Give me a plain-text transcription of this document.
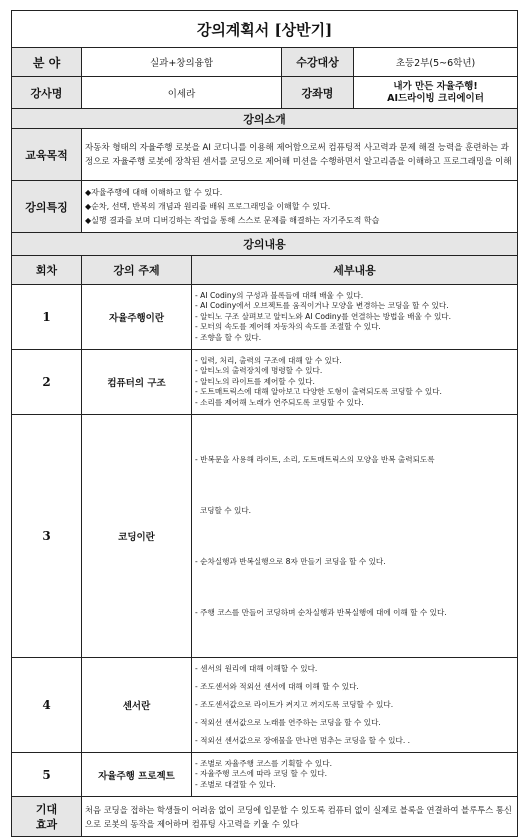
강의계획서 [상반기]				
분 야	실과+창의융합		수강대상	초등2부(5~6학년)
강사명	이세라		강좌명	내가 만든 자율주행!
AI드라이빙 크리에이터

강의소개				
교육목적	자동차 형태의 자율주행 로봇을 AI 코디니를 이용해 제어함으로써 컴퓨팅적 사고력과 문제 해결 능력을 훈련하는 과정으로 자율주행 로봇에 장착된 센서를 코딩으로 제어해 미션을 수행하면서 알고리즘을 이해하고 프로그래밍을 이해			
강의특징	◆자율주행에 대해 이해하고 할 수 있다.
◆순차, 선택, 반복의 개념과 원리를 배워 프로그래밍을 이해할 수 있다.
◆실행 결과를 보며 디버깅하는 작업을 통해 스스로 문제를 해결하는 자기주도적 학습			

강의내용				
회차	강의 주제	세부내용		
1	자율주행이란	- AI Codiny의 구성과 블록들에 대해 배울 수 있다.
- AI Codiny에서 오브젝트를 움직이거나 모양을 변경하는 코딩을 할 수 있다.
- 알티노 구조 살펴보고 알티노와 AI Codiny를 연결하는 방법을 배울 수 있다.
- 모터의 속도를 제어해 자동차의 속도를 조절할 수 있다.
- 조향을 할 수 있다.		

2	컴퓨터의 구조	- 입력, 처리, 출력의 구조에 대해 알 수 있다.
- 알티노의 출력장치에 명령할 수 있다.
- 알티노의 라이트를 제어할 수 있다.
- 도트매트릭스에 대해 알아보고 다양한 도형이 출력되도록 코딩할 수 있다.
- 소리를 제어해 노래가 연주되도록 코딩할 수 있다.		

3	코딩이란	- 반복문을 사용해 라이트, 소리, 도트매트릭스의 모양을 반복 출력되도록

코딩할 수 있다.

- 순차실행과 반복실행으로 8자 만들기 코딩을 할 수 있다.

- 주행 코스를 만들어 코딩하며 순차실행과 반복실행에 대에 이해 할 수 있다.		

4	센서란	- 센서의 원리에 대해 이해할 수 있다.
- 조도센서와 적외선 센서에 대해 이해 할 수 있다.
- 조도센서값으로 라이트가 켜지고 꺼지도록 코딩할 수 있다.
- 적외선 센서값으로 노래를 연주하는 코딩을 할 수 있다.
- 적외선 센서값으로 장애물을 만나면 멈추는 코딩을 할 수 있다. .		

5	자율주행 프로젝트	- 조별로 자율주행 코스를 기획할 수 있다.
- 자율주행 코스에 따라 코딩 할 수 있다.
- 조별로 대결할 수 있다.		

기대
효과	처음 코딩을 접하는 학생들이 어려움 없이 코딩에 입문할 수 있도록 컴퓨터 없이 실제로 블록을 연결하여 블루투스 통신으로 로봇의 동작을 제어하며 컴퓨팅 사고력을 키울 수 있다			
